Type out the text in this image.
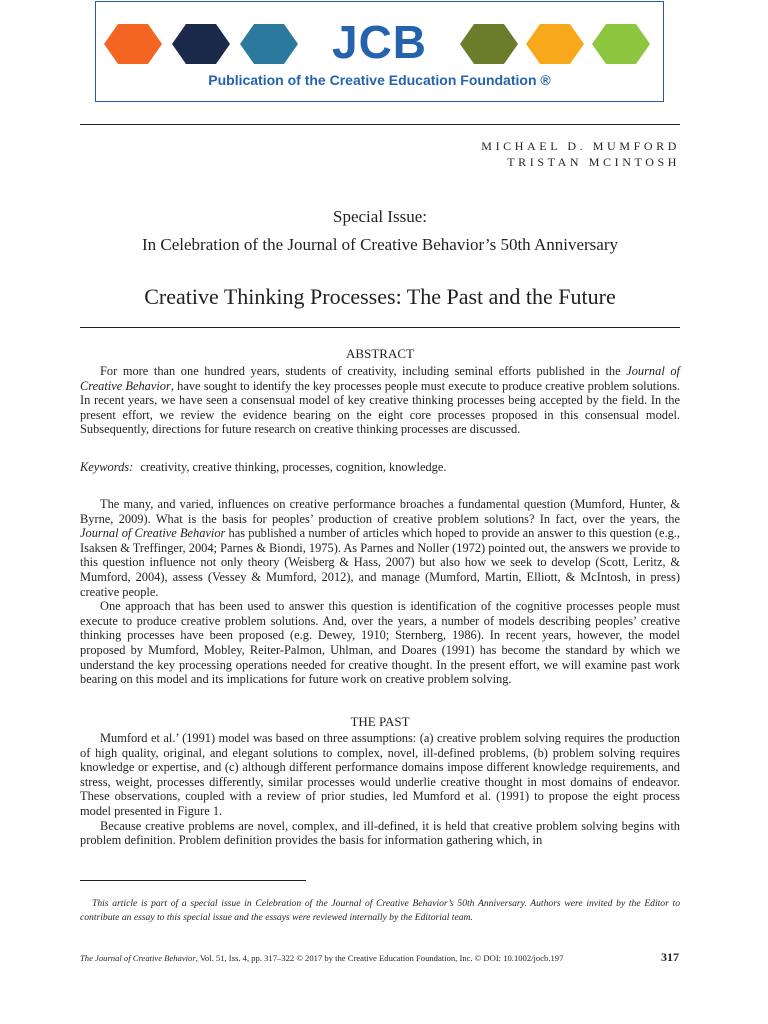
JCB
Publication of the Creative Education Foundation ®
MICHAEL D. MUMFORD
TRISTAN MCINTOSH
Special Issue:
In Celebration of the Journal of Creative Behavior’s 50th Anniversary
Creative Thinking Processes: The Past and the Future
ABSTRACT

For more than one hundred years, students of creativity, including seminal efforts published in the Journal of Creative Behavior, have sought to identify the key processes people must execute to produce creative problem solutions. In recent years, we have seen a consensual model of key creative thinking processes being accepted by the field. In the present effort, we review the evidence bearing on the eight core processes proposed in this consensual model. Subsequently, directions for future research on creative thinking processes are discussed.

Keywords: creativity, creative thinking, processes, cognition, knowledge.

The many, and varied, influences on creative performance broaches a fundamental question (Mumford, Hunter, & Byrne, 2009). What is the basis for peoples’ production of creative problem solutions? In fact, over the years, the Journal of Creative Behavior has published a number of articles which hoped to provide an answer to this question (e.g., Isaksen & Treffinger, 2004; Parnes & Biondi, 1975). As Parnes and Noller (1972) pointed out, the answers we provide to this question influence not only theory (Weisberg & Hass, 2007) but also how we seek to develop (Scott, Leritz, & Mumford, 2004), assess (Vessey & Mumford, 2012), and manage (Mumford, Martin, Elliott, & McIntosh, in press) creative people.

One approach that has been used to answer this question is identification of the cognitive processes people must execute to produce creative problem solutions. And, over the years, a number of models describing peoples’ creative thinking processes have been proposed (e.g. Dewey, 1910; Sternberg, 1986). In recent years, however, the model proposed by Mumford, Mobley, Reiter-Palmon, Uhlman, and Doares (1991) has become the standard by which we understand the key processing operations needed for creative thought. In the present effort, we will examine past work bearing on this model and its implications for future work on creative problem solving.

THE PAST

Mumford et al.’ (1991) model was based on three assumptions: (a) creative problem solving requires the production of high quality, original, and elegant solutions to complex, novel, ill-defined problems, (b) problem solving requires knowledge or expertise, and (c) although different performance domains impose different knowledge requirements, and stress, weight, processes differently, similar processes would underlie creative thought in most domains of endeavor. These observations, coupled with a review of prior studies, led Mumford et al. (1991) to propose the eight process model presented in Figure 1.

Because creative problems are novel, complex, and ill-defined, it is held that creative problem solving begins with problem definition. Problem definition provides the basis for information gathering which, in

This article is part of a special issue in Celebration of the Journal of Creative Behavior’s 50th Anniversary. Authors were invited by the Editor to contribute an essay to this special issue and the essays were reviewed internally by the Editorial team.
The Journal of Creative Behavior, Vol. 51, Iss. 4, pp. 317–322 © 2017 by the Creative Education Foundation, Inc. © DOI: 10.1002/jocb.197	317
